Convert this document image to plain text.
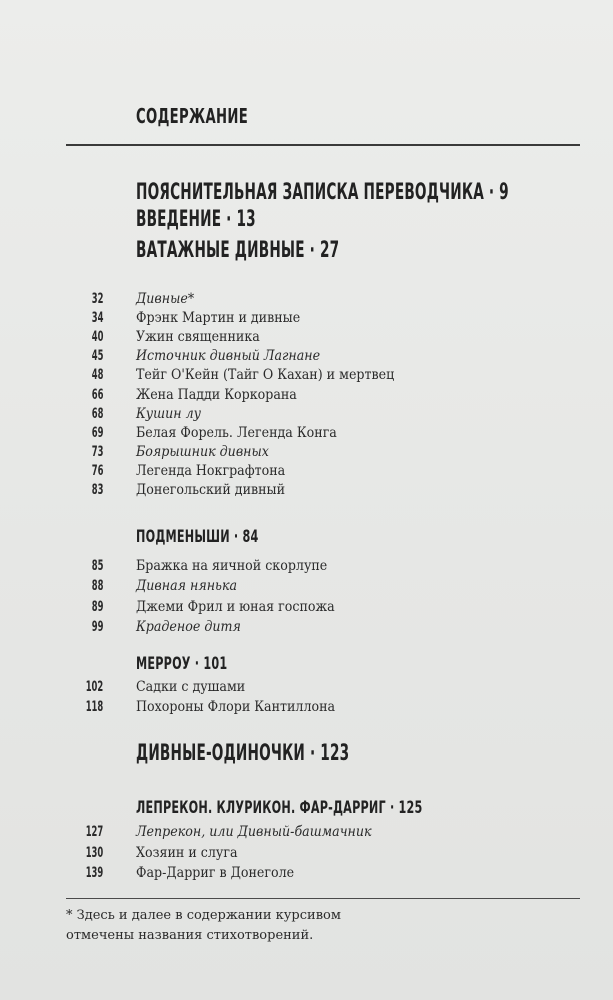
СОДЕРЖАНИЕ
ПОЯСНИТЕЛЬНАЯ ЗАПИСКА ПЕРЕВОДЧИКА · 9
ВВЕДЕНИЕ · 13
ВАТАЖНЫЕ ДИВНЫЕ · 27
32 Дивные*
34 Фрэнк Мартин и дивные
40 Ужин священника
45 Источник дивный Лагнане
48 Тейг О'Кейн (Тайг О Кахан) и мертвец
66 Жена Падди Коркорана
68 Кушин лу
69 Белая Форель. Легенда Конга
73 Боярышник дивных
76 Легенда Нокграфтона
83 Донегольский дивный
ПОДМЕНЫШИ · 84
85 Бражка на яичной скорлупе
88 Дивная нянька
89 Джеми Фрил и юная госпожа
99 Краденое дитя
МЕРРОУ · 101
102 Садки с душами
118 Похороны Флори Кантиллона
ДИВНЫЕ-ОДИНОЧКИ · 123
ЛЕПРЕКОН. КЛУРИКОН. ФАР-ДАРРИГ · 125
127 Лепрекон, или Дивный-башмачник
130 Хозяин и слуга
139 Фар-Дарриг в Донеголе
* Здесь и далее в содержании курсивом
отмечены названия стихотворений.
